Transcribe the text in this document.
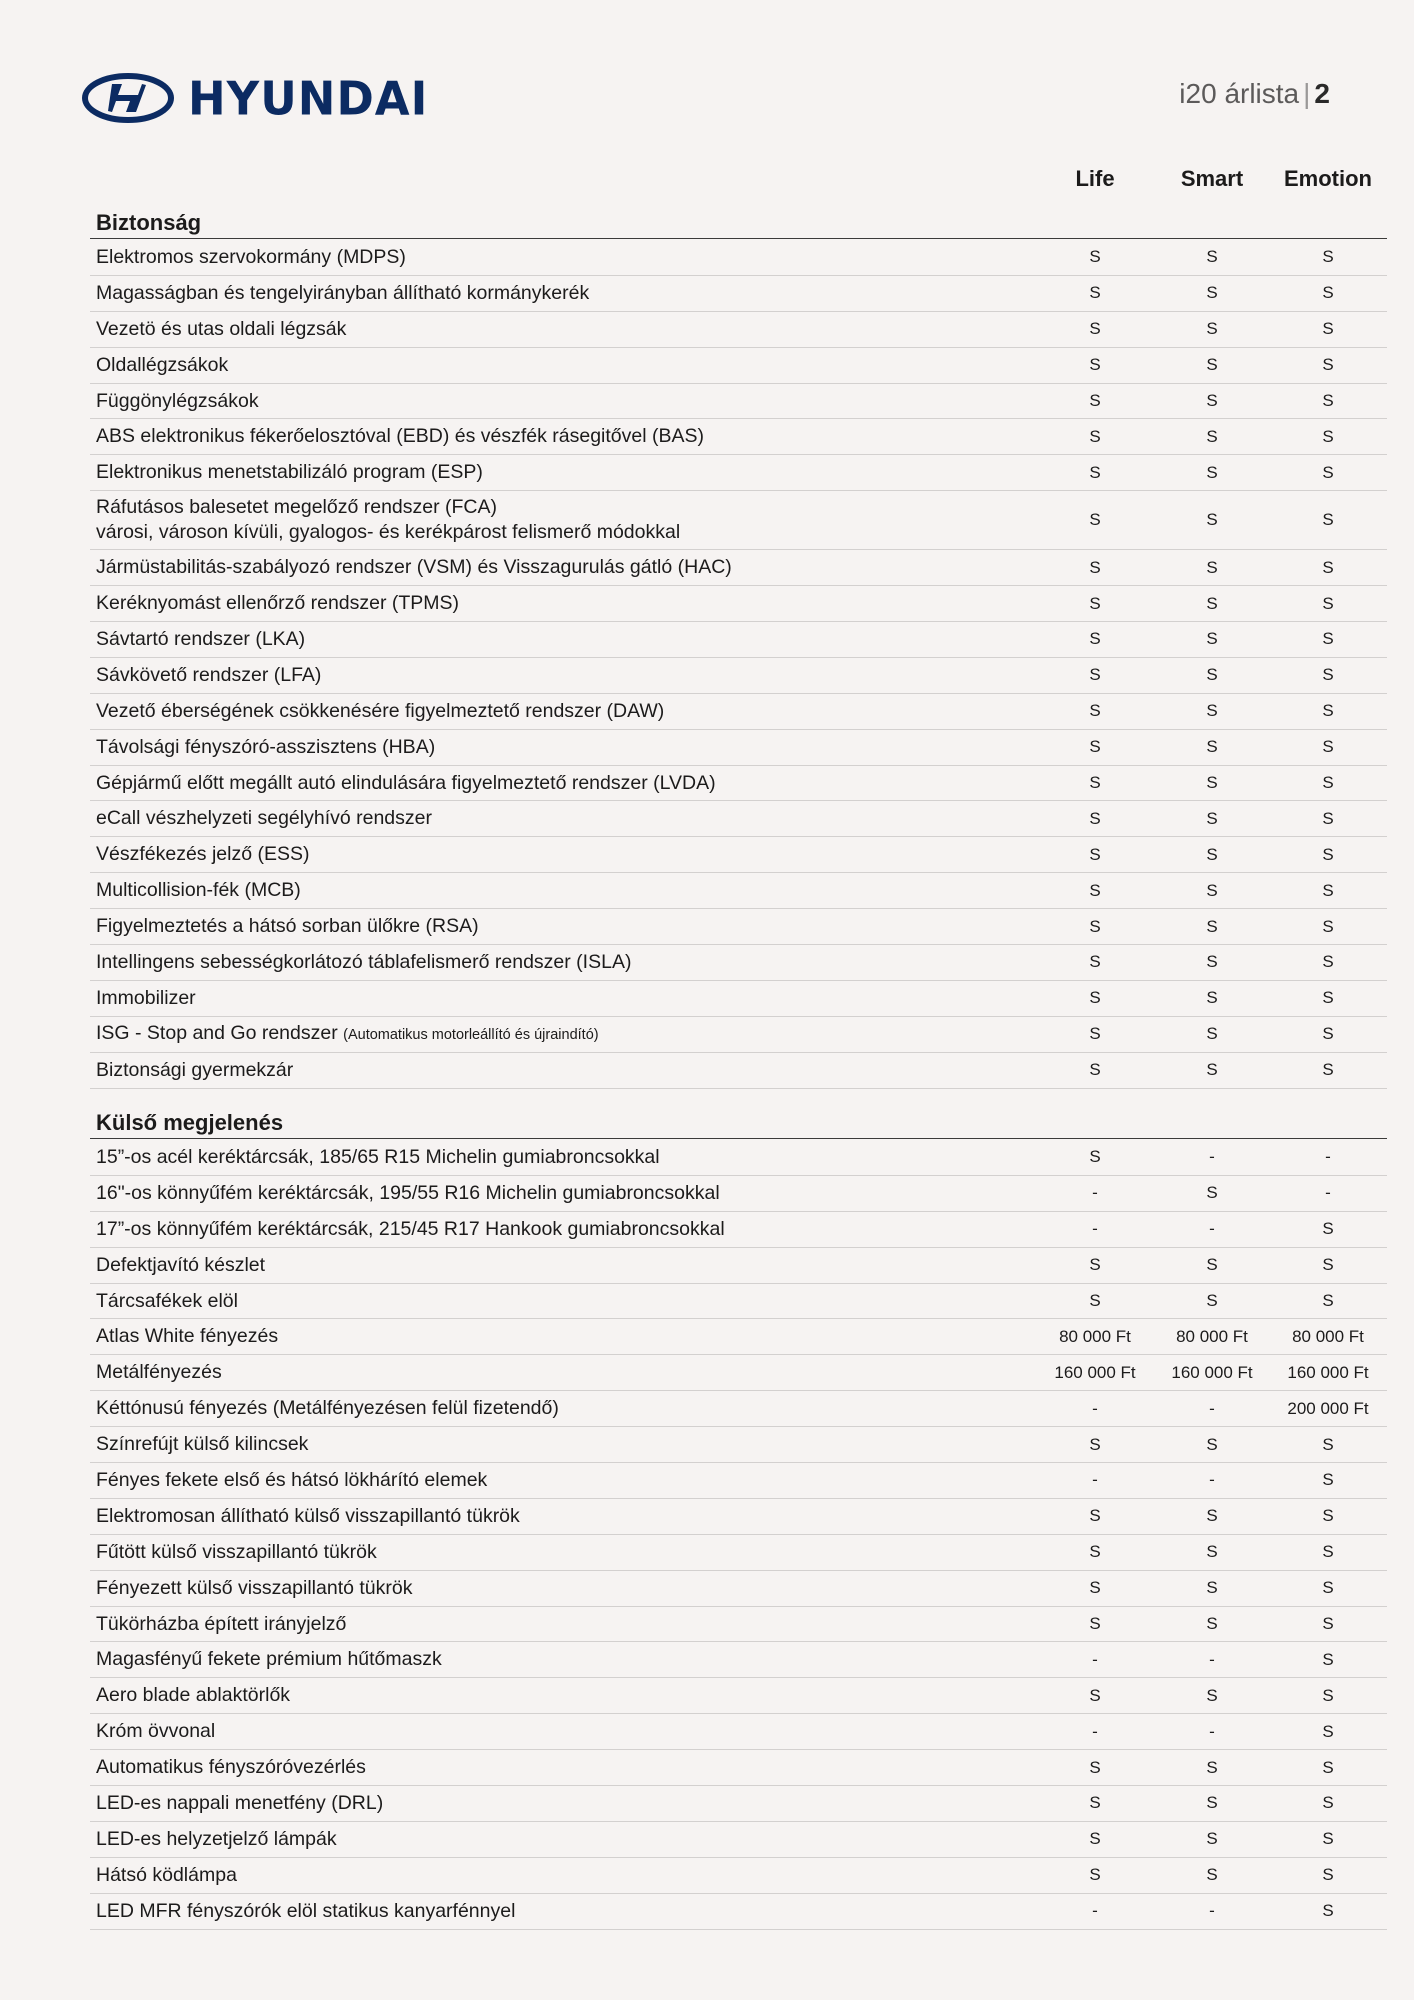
HYUNDAI	i20 árlista | 2
Life	Smart	Emotion
Biztonság
Elektromos szervokormány (MDPS)	S	S	S
Magasságban és tengelyirányban állítható kormánykerék	S	S	S
Vezetö és utas oldali légzsák	S	S	S
Oldallégzsákok	S	S	S
Függönylégzsákok	S	S	S
ABS elektronikus fékerőelosztóval (EBD) és vészfék rásegitővel (BAS)	S	S	S
Elektronikus menetstabilizáló program (ESP)	S	S	S
Ráfutásos balesetet megelőző rendszer (FCA)
városi, városon kívüli, gyalogos- és kerékpárost felismerő módokkal
S	S	S
Jármüstabilitás-szabályozó rendszer (VSM) és Visszagurulás gátló (HAC)	S	S	S
Keréknyomást ellenőrző rendszer (TPMS)	S	S	S
Sávtartó rendszer (LKA)	S	S	S
Sávkövető rendszer (LFA)	S	S	S
Vezető éberségének csökkenésére figyelmeztető rendszer (DAW)	S	S	S
Távolsági fényszóró-asszisztens (HBA)	S	S	S
Gépjármű előtt megállt autó elindulására figyelmeztető rendszer (LVDA)	S	S	S
eCall vészhelyzeti segélyhívó rendszer	S	S	S
Vészfékezés jelző (ESS)	S	S	S
Multicollision-fék (MCB)	S	S	S
Figyelmeztetés a hátsó sorban ülőkre (RSA)	S	S	S
Intellingens sebességkorlátozó táblafelismerő rendszer (ISLA)	S	S	S
Immobilizer	S	S	S
ISG - Stop and Go rendszer (Automatikus motorleállító és újraindító)	S	S	S
Biztonsági gyermekzár	S	S	S
Külső megjelenés
15”-os acél keréktárcsák, 185/65 R15 Michelin gumiabroncsokkal	S	-	-
16"-os könnyűfém keréktárcsák, 195/55 R16 Michelin gumiabroncsokkal	-	S	-
17”-os könnyűfém keréktárcsák, 215/45 R17 Hankook gumiabroncsokkal	-	-	S
Defektjavító készlet	S	S	S
Tárcsafékek elöl	S	S	S
Atlas White fényezés	80 000 Ft	80 000 Ft	80 000 Ft
Metálfényezés	160 000 Ft	160 000 Ft	160 000 Ft
Kéttónusú fényezés (Metálfényezésen felül fizetendő)	-	-	200 000 Ft
Színrefújt külső kilincsek	S	S	S
Fényes fekete első és hátsó lökhárító elemek	-	-	S
Elektromosan állítható külső visszapillantó tükrök	S	S	S
Fűtött külső visszapillantó tükrök	S	S	S
Fényezett külső visszapillantó tükrök	S	S	S
Tükörházba épített irányjelző	S	S	S
Magasfényű fekete prémium hűtőmaszk	-	-	S
Aero blade ablaktörlők	S	S	S
Króm övvonal	-	-	S
Automatikus fényszóróvezérlés	S	S	S
LED-es nappali menetfény (DRL)	S	S	S
LED-es helyzetjelző lámpák	S	S	S
Hátsó ködlámpa	S	S	S
LED MFR fényszórók elöl statikus kanyarfénnyel	-	-	S
